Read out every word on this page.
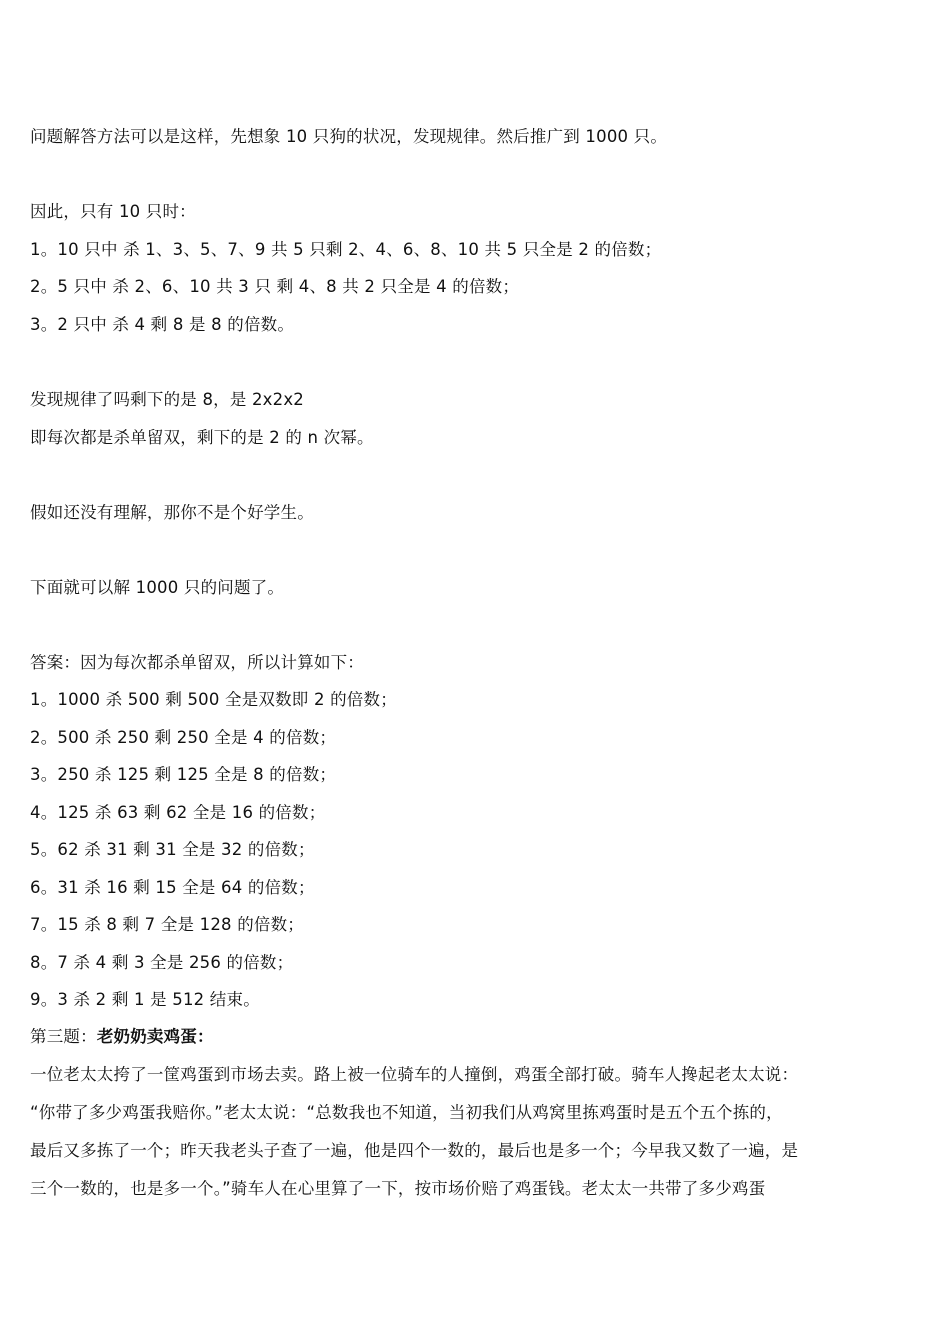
问题解答方法可以是这样，先想象 10 只狗的状况，发现规律。然后推广到 1000 只。
因此，只有 10 只时：
1。10 只中 杀 1、3、5、7、9 共 5 只剩 2、4、6、8、10 共 5 只全是 2 的倍数；
2。5 只中 杀 2、6、10 共 3 只 剩 4、8 共 2 只全是 4 的倍数；
3。2 只中 杀 4 剩 8 是 8 的倍数。
发现规律了吗剩下的是 8，是 2x2x2
即每次都是杀单留双，剩下的是 2 的 n 次幂。
假如还没有理解，那你不是个好学生。
下面就可以解 1000 只的问题了。
答案：因为每次都杀单留双，所以计算如下：
1。1000 杀 500 剩 500 全是双数即 2 的倍数；
2。500 杀 250 剩 250 全是 4 的倍数；
3。250 杀 125 剩 125 全是 8 的倍数；
4。125 杀 63 剩 62 全是 16 的倍数；
5。62 杀 31 剩 31 全是 32 的倍数；
6。31 杀 16 剩 15 全是 64 的倍数；
7。15 杀 8 剩 7 全是 128 的倍数；
8。7 杀 4 剩 3 全是 256 的倍数；
9。3 杀 2 剩 1 是 512 结束。
第三题：老奶奶卖鸡蛋：
一位老太太挎了一筐鸡蛋到市场去卖。路上被一位骑车的人撞倒，鸡蛋全部打破。骑车人搀起老太太说：
“你带了多少鸡蛋我赔你。”老太太说：“总数我也不知道，当初我们从鸡窝里拣鸡蛋时是五个五个拣的，
最后又多拣了一个；昨天我老头子查了一遍，他是四个一数的，最后也是多一个；今早我又数了一遍，是
三个一数的，也是多一个。”骑车人在心里算了一下，按市场价赔了鸡蛋钱。老太太一共带了多少鸡蛋
